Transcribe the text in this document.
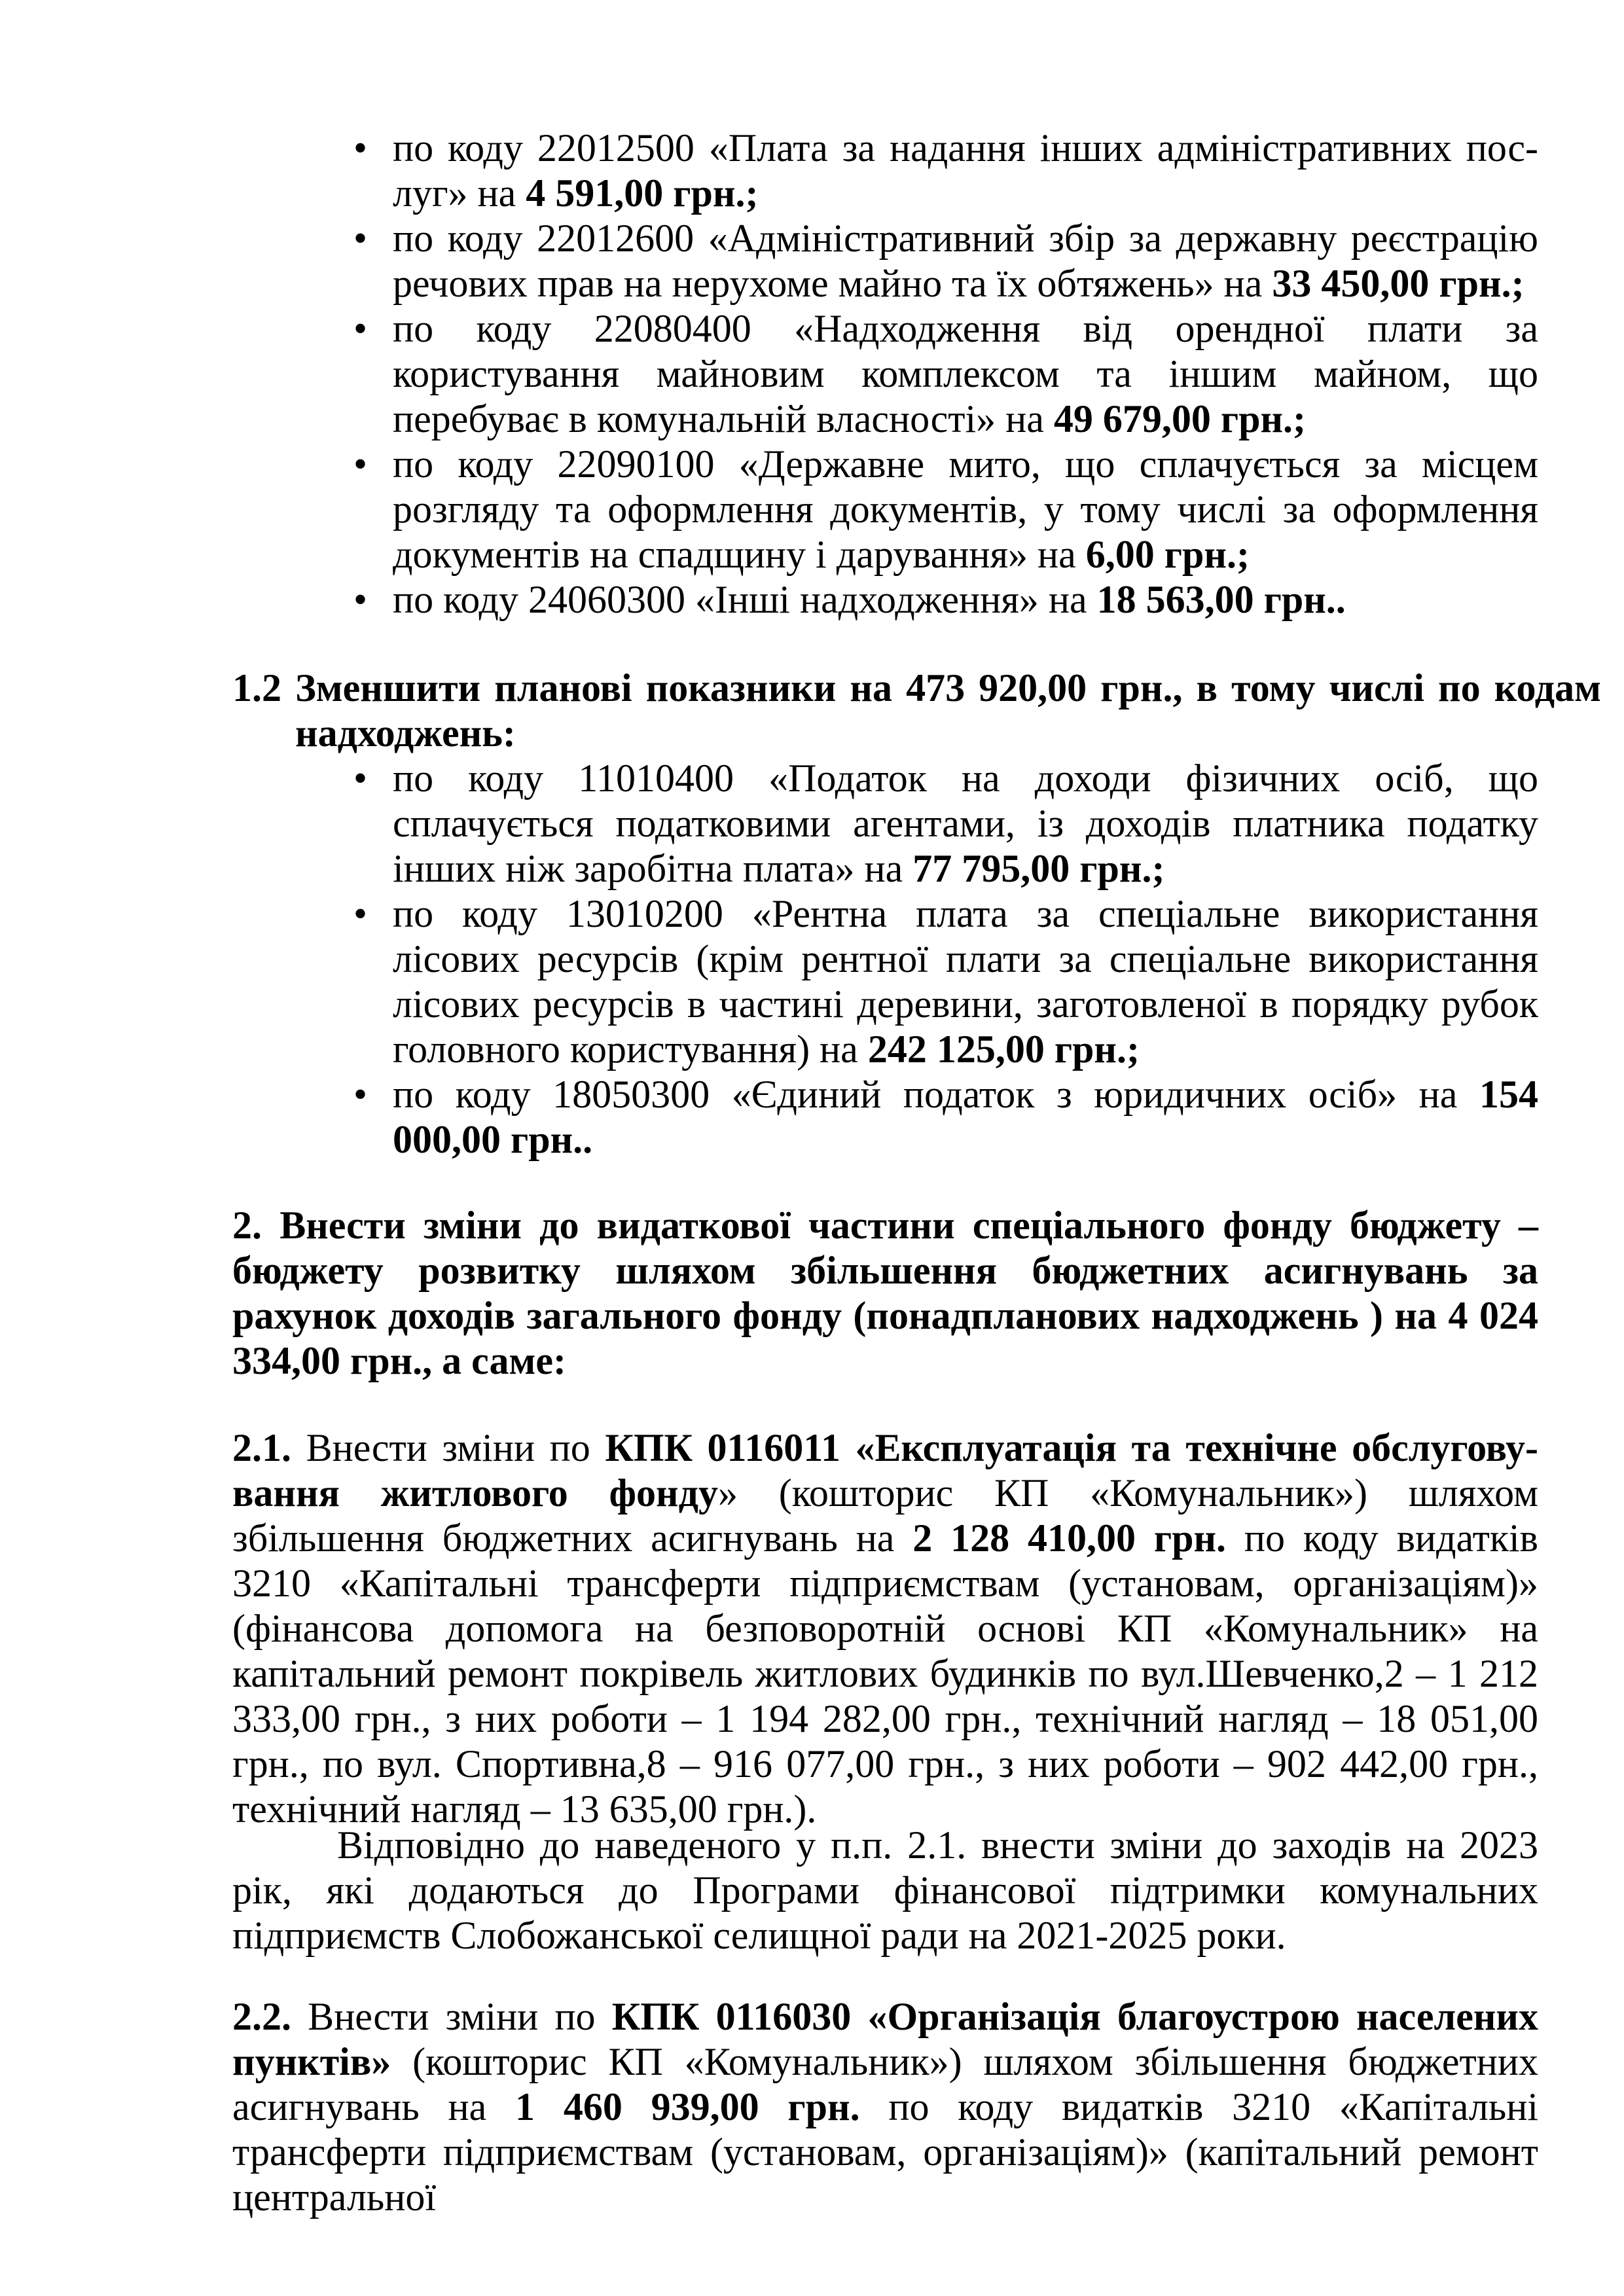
• по коду 22012500 «Плата за надання інших адміністративних пос-луг» на 4 591,00 грн.;
• по коду 22012600 «Адміністративний збір за державну реєстрацію речових прав на нерухоме майно та їх обтяжень» на 33 450,00 грн.;
• по коду 22080400 «Надходження від орендної плати за користування майновим комплексом та іншим майном, що перебуває в комунальній власності» на 49 679,00 грн.;
• по коду 22090100 «Державне мито, що сплачується за місцем розгляду та оформлення документів, у тому числі за оформлення документів на спадщину і дарування» на 6,00 грн.;
• по коду 24060300 «Інші надходження» на 18 563,00 грн..
1.2 Зменшити планові показники на 473 920,00 грн., в тому числі по кодам надходжень:
• по коду 11010400 «Податок на доходи фізичних осіб, що сплачується податковими агентами, із доходів платника податку інших ніж заробітна плата» на 77 795,00 грн.;
• по коду 13010200 «Рентна плата за спеціальне використання лісових ресурсів (крім рентної плати за спеціальне використання лісових ресурсів в частині деревини, заготовленої в порядку рубок головного користування) на 242 125,00 грн.;
• по коду 18050300 «Єдиний податок з юридичних осіб» на 154 000,00 грн..
2. Внести зміни до видаткової частини спеціального фонду бюджету – бюджету розвитку шляхом збільшення бюджетних асигнувань за рахунок доходів загального фонду (понадпланових надходжень ) на 4 024 334,00 грн., а саме:
2.1. Внести зміни по КПК 0116011 «Експлуатація та технічне обслугову-вання житлового фонду» (кошторис КП «Комунальник») шляхом збільшення бюджетних асигнувань на 2 128 410,00 грн. по коду видатків 3210 «Капітальні трансферти підприємствам (установам, організаціям)» (фінансова допомога на безповоротній основі КП «Комунальник» на капітальний ремонт покрівель житлових будинків по вул.Шевченко,2 – 1 212 333,00 грн., з них роботи – 1 194 282,00 грн., технічний нагляд – 18 051,00 грн., по вул. Спортивна,8 – 916 077,00 грн., з них роботи – 902 442,00 грн., технічний нагляд – 13 635,00 грн.).
Відповідно до наведеного у п.п. 2.1. внести зміни до заходів на 2023 рік, які додаються до Програми фінансової підтримки комунальних підприємств Слобожанської селищної ради на 2021-2025 роки.
2.2. Внести зміни по КПК 0116030 «Організація благоустрою населених пунктів» (кошторис КП «Комунальник») шляхом збільшення бюджетних асигнувань на 1 460 939,00 грн. по коду видатків 3210 «Капітальні трансферти підприємствам (установам, організаціям)» (капітальний ремонт центральної
